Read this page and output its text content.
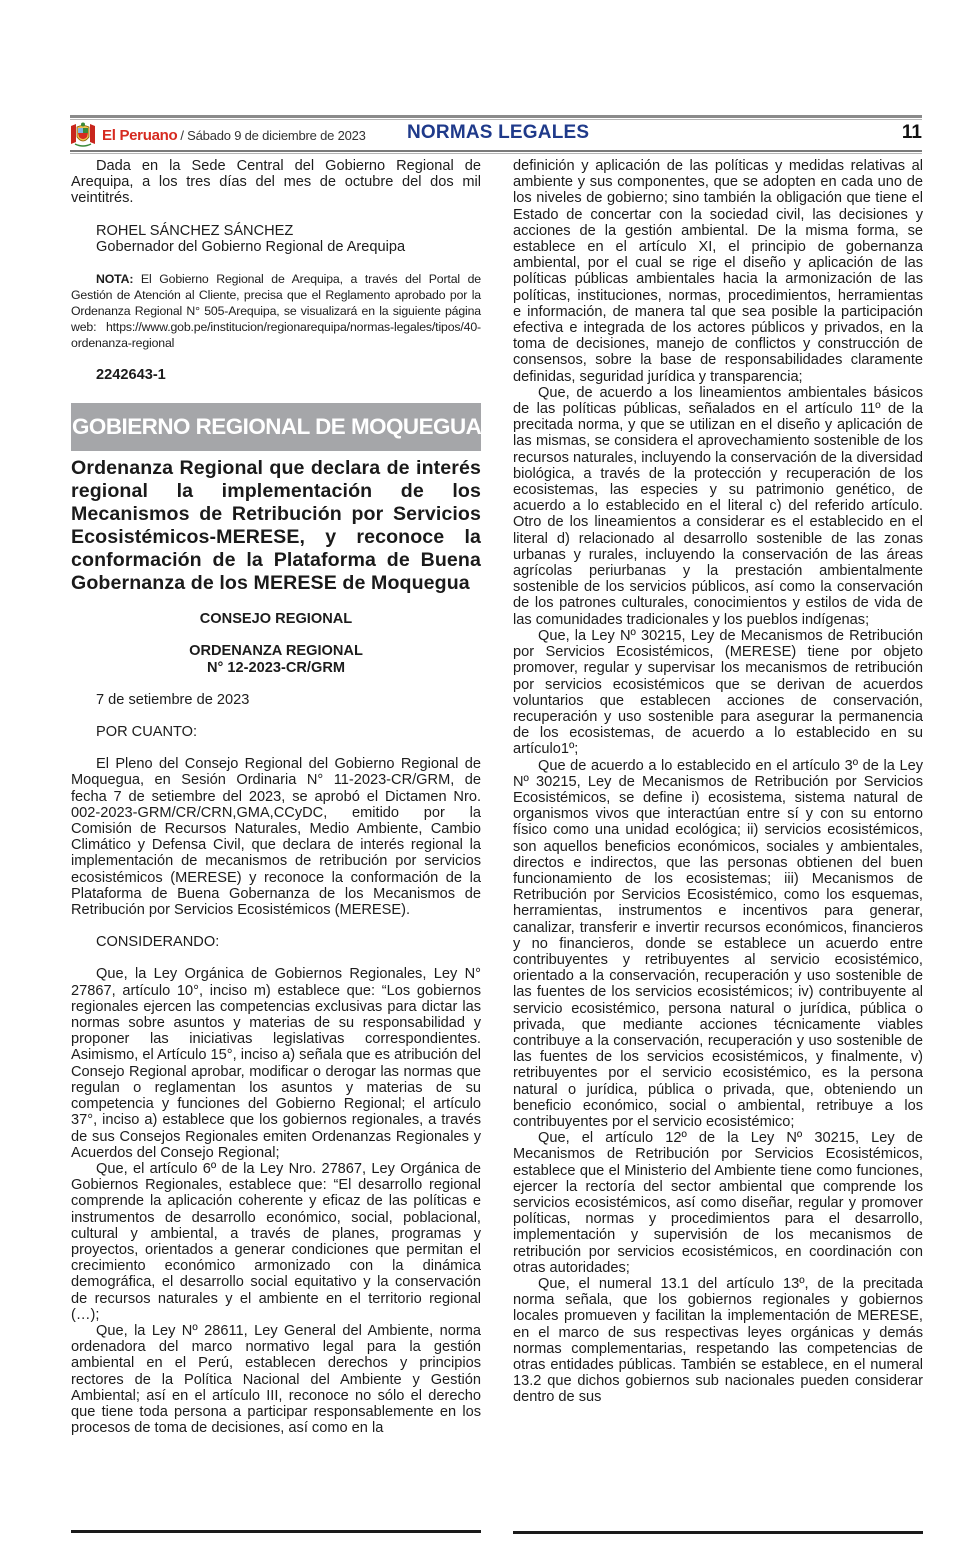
El Peruano / Sábado 9 de diciembre de 2023 NORMAS LEGALES	11

Dada en la Sede Central del Gobierno Regional de Arequipa, a los tres días del mes de octubre del dos mil veintitrés.

ROHEL SÁNCHEZ SÁNCHEZ
Gobernador del Gobierno Regional de Arequipa

NOTA: El Gobierno Regional de Arequipa, a través del Portal de Gestión de Atención al Cliente, precisa que el Reglamento aprobado por la Ordenanza Regional N° 505-Arequipa, se visualizará en la siguiente página web: https://www.gob.pe/institucion/regionarequipa/normas-legales/tipos/40-ordenanza-regional

2242643-1
GOBIERNO REGIONAL DE MOQUEGUA
Ordenanza Regional que declara de interés regional la implementación de los Mecanismos de Retribución por Servicios Ecosistémicos-MERESE, y reconoce la conformación de la Plataforma de Buena Gobernanza de los MERESE de Moquegua
CONSEJO REGIONAL
ORDENANZA REGIONAL
N° 12-2023-CR/GRM
7 de setiembre de 2023
POR CUANTO:

El Pleno del Consejo Regional del Gobierno Regional de Moquegua, en Sesión Ordinaria N° 11-2023-CR/GRM, de fecha 7 de setiembre del 2023, se aprobó el Dictamen Nro. 002-2023-GRM/CR/CRN,GMA,CCyDC, emitido por la Comisión de Recursos Naturales, Medio Ambiente, Cambio Climático y Defensa Civil, que declara de interés regional la implementación de mecanismos de retribución por servicios ecosistémicos (MERESE) y reconoce la conformación de la Plataforma de Buena Gobernanza de los Mecanismos de Retribución por Servicios Ecosistémicos (MERESE).

CONSIDERANDO:

Que, la Ley Orgánica de Gobiernos Regionales, Ley N° 27867, artículo 10°, inciso m) establece que: “Los gobiernos regionales ejercen las competencias exclusivas para dictar las normas sobre asuntos y materias de su responsabilidad y proponer las iniciativas legislativas correspondientes. Asimismo, el Artículo 15°, inciso a) señala que es atribución del Consejo Regional aprobar, modificar o derogar las normas que regulan o reglamentan los asuntos y materias de su competencia y funciones del Gobierno Regional; el artículo 37°, inciso a) establece que los gobiernos regionales, a través de sus Consejos Regionales emiten Ordenanzas Regionales y Acuerdos del Consejo Regional;

Que, el artículo 6º de la Ley Nro. 27867, Ley Orgánica de Gobiernos Regionales, establece que: “El desarrollo regional comprende la aplicación coherente y eficaz de las políticas e instrumentos de desarrollo económico, social, poblacional, cultural y ambiental, a través de planes, programas y proyectos, orientados a generar condiciones que permitan el crecimiento económico armonizado con la dinámica demográfica, el desarrollo social equitativo y la conservación de recursos naturales y el ambiente en el territorio regional (…);

Que, la Ley Nº 28611, Ley General del Ambiente, norma ordenadora del marco normativo legal para la gestión ambiental en el Perú, establecen derechos y principios rectores de la Política Nacional del Ambiente y Gestión Ambiental; así en el artículo III, reconoce no sólo el derecho que tiene toda persona a participar responsablemente en los procesos de toma de decisiones, así como en la

definición y aplicación de las políticas y medidas relativas al ambiente y sus componentes, que se adopten en cada uno de los niveles de gobierno; sino también la obligación que tiene el Estado de concertar con la sociedad civil, las decisiones y acciones de la gestión ambiental. De la misma forma, se establece en el artículo XI, el principio de gobernanza ambiental, por el cual se rige el diseño y aplicación de las políticas públicas ambientales hacia la armonización de las políticas, instituciones, normas, procedimientos, herramientas e información, de manera tal que sea posible la participación efectiva e integrada de los actores públicos y privados, en la toma de decisiones, manejo de conflictos y construcción de consensos, sobre la base de responsabilidades claramente definidas, seguridad jurídica y transparencia;

Que, de acuerdo a los lineamientos ambientales básicos de las políticas públicas, señalados en el artículo 11º de la precitada norma, y que se utilizan en el diseño y aplicación de las mismas, se considera el aprovechamiento sostenible de los recursos naturales, incluyendo la conservación de la diversidad biológica, a través de la protección y recuperación de los ecosistemas, las especies y su patrimonio genético, de acuerdo a lo establecido en el literal c) del referido artículo. Otro de los lineamientos a considerar es el establecido en el literal d) relacionado al desarrollo sostenible de las zonas urbanas y rurales, incluyendo la conservación de las áreas agrícolas periurbanas y la prestación ambientalmente sostenible de los servicios públicos, así como la conservación de los patrones culturales, conocimientos y estilos de vida de las comunidades tradicionales y los pueblos indígenas;

Que, la Ley Nº 30215, Ley de Mecanismos de Retribución por Servicios Ecosistémicos, (MERESE) tiene por objeto promover, regular y supervisar los mecanismos de retribución por servicios ecosistémicos que se derivan de acuerdos voluntarios que establecen acciones de conservación, recuperación y uso sostenible para asegurar la permanencia de los ecosistemas, de acuerdo a lo establecido en su artículo1º;

Que de acuerdo a lo establecido en el artículo 3º de la Ley Nº 30215, Ley de Mecanismos de Retribución por Servicios Ecosistémicos, se define i) ecosistema, sistema natural de organismos vivos que interactúan entre sí y con su entorno físico como una unidad ecológica; ii) servicios ecosistémicos, son aquellos beneficios económicos, sociales y ambientales, directos e indirectos, que las personas obtienen del buen funcionamiento de los ecosistemas; iii) Mecanismos de Retribución por Servicios Ecosistémico, como los esquemas, herramientas, instrumentos e incentivos para generar, canalizar, transferir e invertir recursos económicos, financieros y no financieros, donde se establece un acuerdo entre contribuyentes y retribuyentes al servicio ecosistémico, orientado a la conservación, recuperación y uso sostenible de las fuentes de los servicios ecosistémicos; iv) contribuyente al servicio ecosistémico, persona natural o jurídica, pública o privada, que mediante acciones técnicamente viables contribuye a la conservación, recuperación y uso sostenible de las fuentes de los servicios ecosistémicos, y finalmente, v) retribuyentes por el servicio ecosistémico, es la persona natural o jurídica, pública o privada, que, obteniendo un beneficio económico, social o ambiental, retribuye a los contribuyentes por el servicio ecosistémico;

Que, el artículo 12º de la Ley Nº 30215, Ley de Mecanismos de Retribución por Servicios Ecosistémicos, establece que el Ministerio del Ambiente tiene como funciones, ejercer la rectoría del sector ambiental que comprende los servicios ecosistémicos, así como diseñar, regular y promover políticas, normas y procedimientos para el desarrollo, implementación y supervisión de los mecanismos de retribución por servicios ecosistémicos, en coordinación con otras autoridades;

Que, el numeral 13.1 del artículo 13º, de la precitada norma señala, que los gobiernos regionales y gobiernos locales promueven y facilitan la implementación de MERESE, en el marco de sus respectivas leyes orgánicas y demás normas complementarias, respetando las competencias de otras entidades públicas. También se establece, en el numeral 13.2 que dichos gobiernos sub nacionales pueden considerar dentro de sus
